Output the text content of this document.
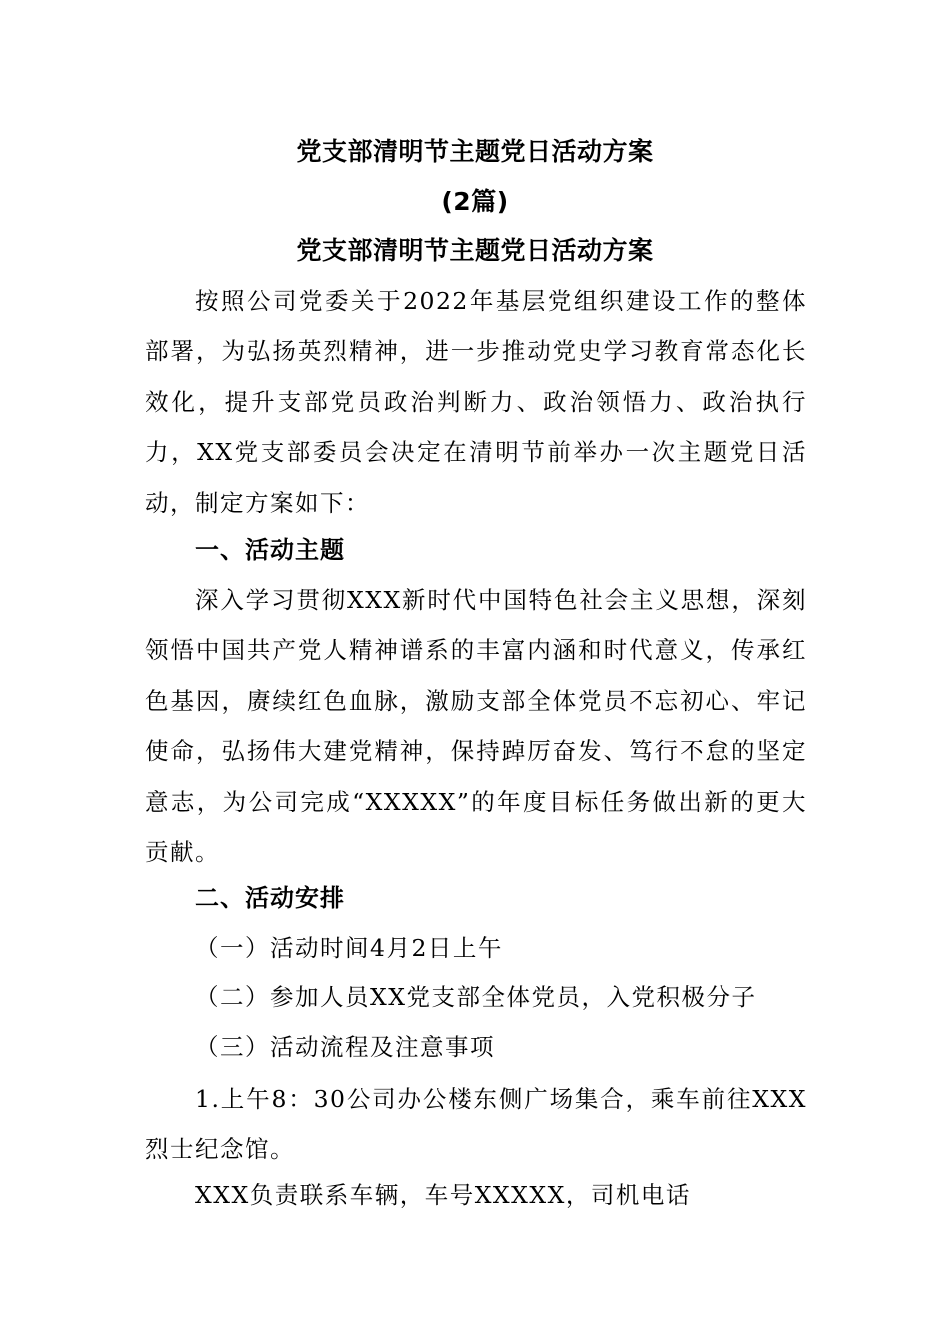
党支部清明节主题党日活动方案
(2篇)
党支部清明节主题党日活动方案

按照公司党委关于2022年基层党组织建设工作的整体部署，为弘扬英烈精神，进一步推动党史学习教育常态化长效化，提升支部党员政治判断力、政治领悟力、政治执行力，XX党支部委员会决定在清明节前举办一次主题党日活动，制定方案如下：

一、活动主题

深入学习贯彻XXX新时代中国特色社会主义思想，深刻领悟中国共产党人精神谱系的丰富内涵和时代意义，传承红色基因，赓续红色血脉，激励支部全体党员不忘初心、牢记使命，弘扬伟大建党精神，保持踔厉奋发、笃行不怠的坚定意志，为公司完成“XXXXX”的年度目标任务做出新的更大贡献。

二、活动安排
（一）活动时间4月2日上午
（二）参加人员XX党支部全体党员，入党积极分子
（三）活动流程及注意事项

1.上午8：30公司办公楼东侧广场集合，乘车前往XXX烈士纪念馆。

XXX负责联系车辆，车号XXXXX，司机电话
